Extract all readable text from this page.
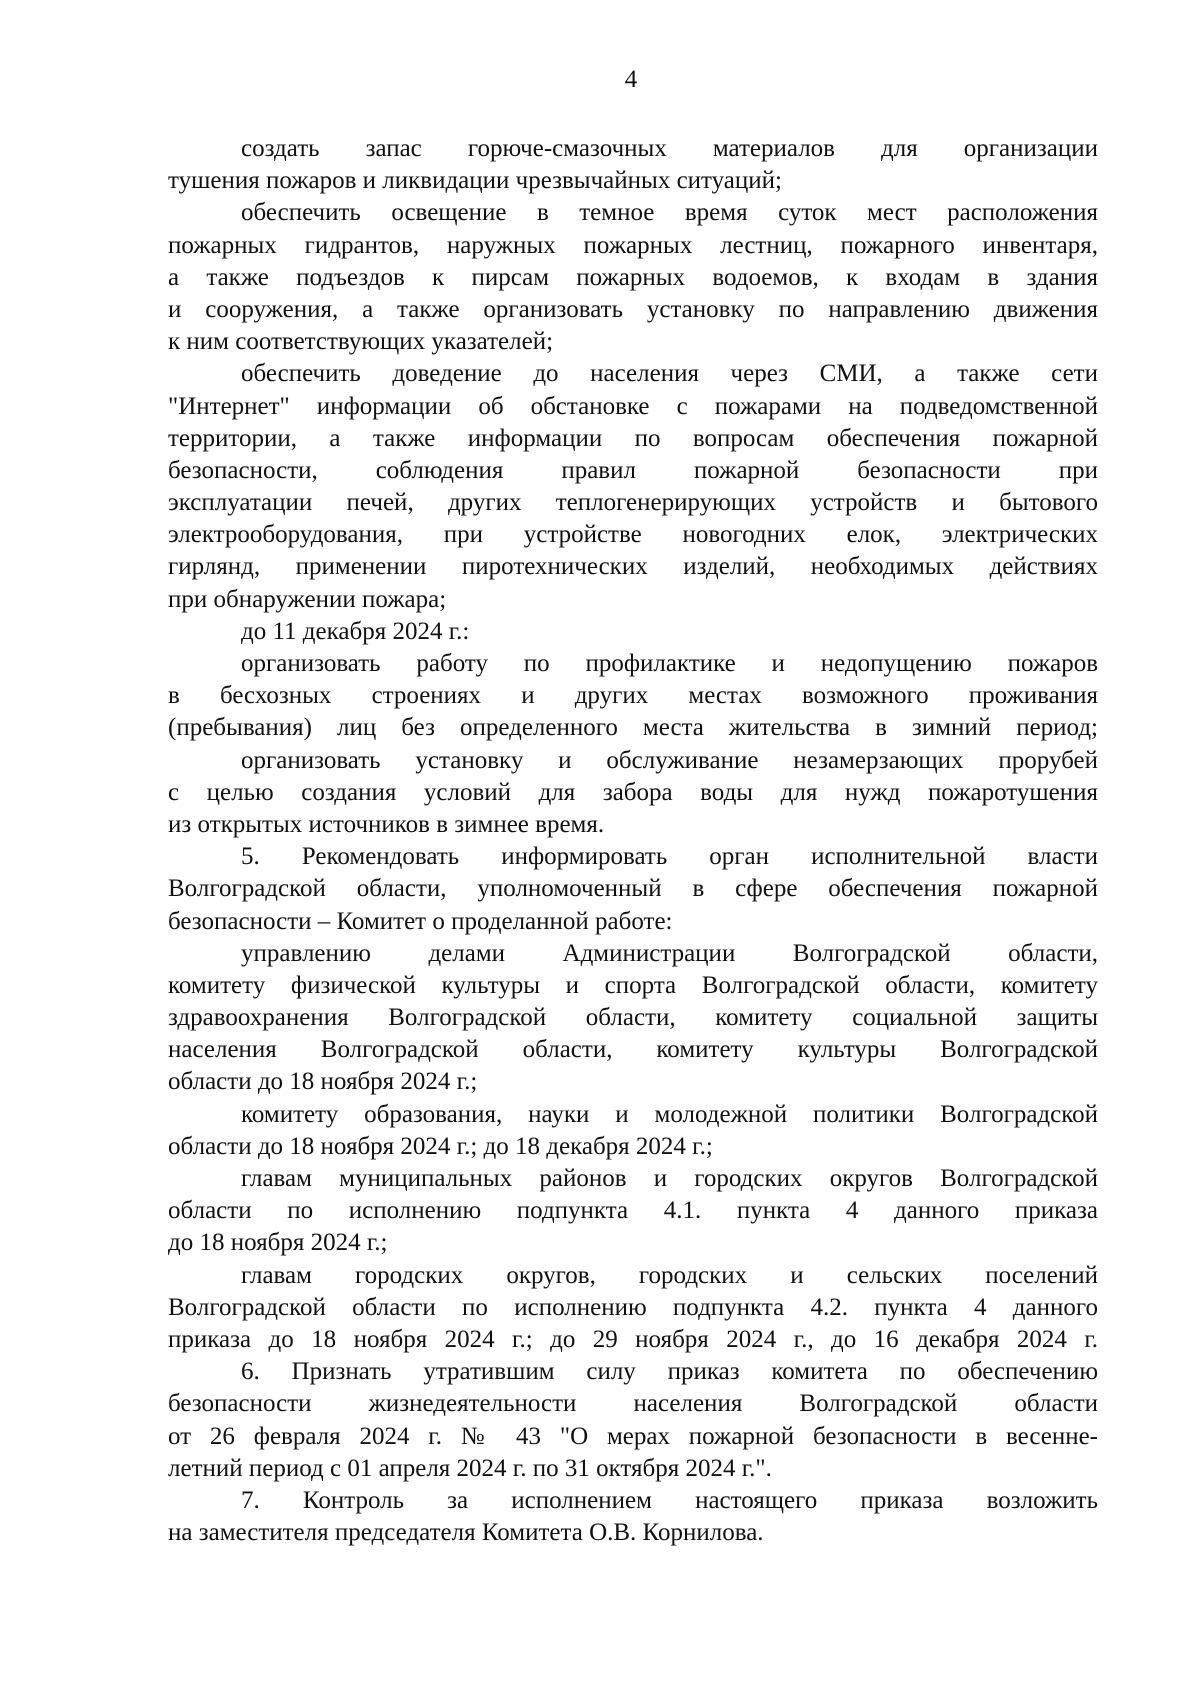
4
создать запас горюче-смазочных материалов для организации
тушения пожаров и ликвидации чрезвычайных ситуаций;
обеспечить освещение в темное время суток мест расположения
пожарных гидрантов, наружных пожарных лестниц, пожарного инвентаря,
а также подъездов к пирсам пожарных водоемов, к входам в здания
и сооружения, а также организовать установку по направлению движения
к ним соответствующих указателей;
обеспечить доведение до населения через СМИ, а также сети
"Интернет" информации об обстановке с пожарами на подведомственной
территории, а также информации по вопросам обеспечения пожарной
безопасности, соблюдения правил пожарной безопасности при
эксплуатации печей, других теплогенерирующих устройств и бытового
электрооборудования, при устройстве новогодних елок, электрических
гирлянд, применении пиротехнических изделий, необходимых действиях
при обнаружении пожара;
до 11 декабря 2024 г.:
организовать работу по профилактике и недопущению пожаров
в бесхозных строениях и других местах возможного проживания
(пребывания) лиц без определенного места жительства в зимний период;
организовать установку и обслуживание незамерзающих прорубей
с целью создания условий для забора воды для нужд пожаротушения
из открытых источников в зимнее время.
5. Рекомендовать информировать орган исполнительной власти
Волгоградской области, уполномоченный в сфере обеспечения пожарной
безопасности – Комитет о проделанной работе:
управлению делами Администрации Волгоградской области,
комитету физической культуры и спорта Волгоградской области, комитету
здравоохранения Волгоградской области, комитету социальной защиты
населения Волгоградской области, комитету культуры Волгоградской
области до 18 ноября 2024 г.;
комитету образования, науки и молодежной политики Волгоградской
области до 18 ноября 2024 г.; до 18 декабря 2024 г.;
главам муниципальных районов и городских округов Волгоградской
области по исполнению подпункта 4.1. пункта 4 данного приказа
до 18 ноября 2024 г.;
главам городских округов, городских и сельских поселений
Волгоградской области по исполнению подпункта 4.2. пункта 4 данного
приказа до 18 ноября 2024 г.; до 29 ноября 2024 г., до 16 декабря 2024 г.
6. Признать утратившим силу приказ комитета по обеспечению
безопасности жизнедеятельности населения Волгоградской области
от 26 февраля 2024 г. № 43 "О мерах пожарной безопасности в весенне-
летний период с 01 апреля 2024 г. по 31 октября 2024 г.".
7. Контроль за исполнением настоящего приказа возложить
на заместителя председателя Комитета О.В. Корнилова.
